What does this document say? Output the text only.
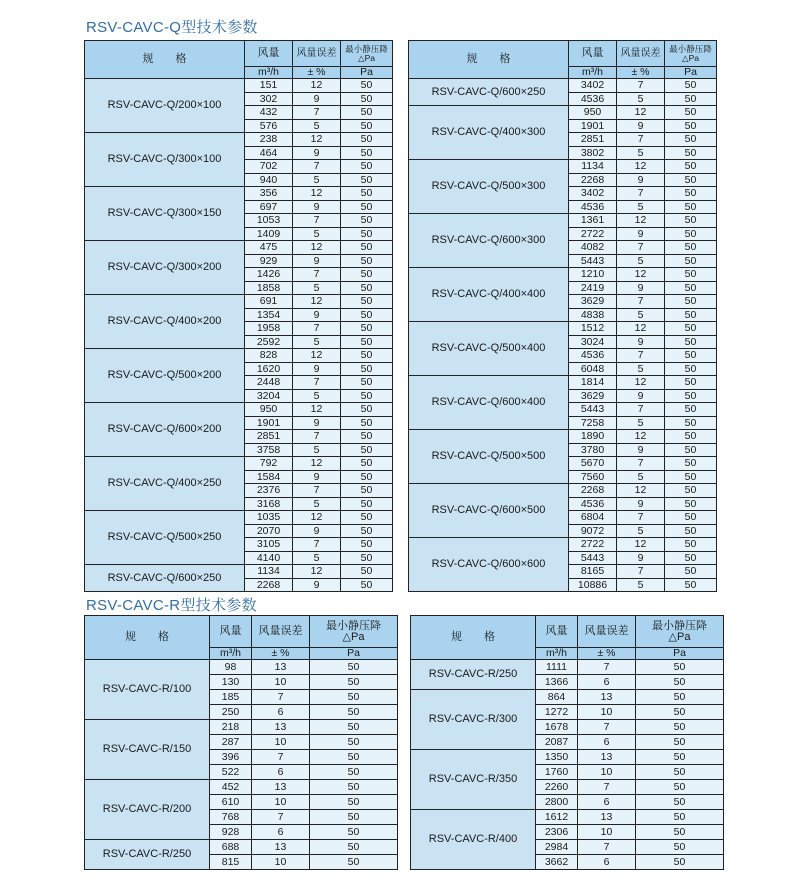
RSV-CAVC-Q型技术参数
规　　格	风量	风量误差	最小静压降
△Pa
	m³/h	± %	Pa
RSV-CAVC-Q/200×100	151	12	50
	302	9	50
	432	7	50
	576	5	50
RSV-CAVC-Q/300×100	238	12	50
	464	9	50
	702	7	50
	940	5	50
RSV-CAVC-Q/300×150	356	12	50
	697	9	50
	1053	7	50
	1409	5	50
RSV-CAVC-Q/300×200	475	12	50
	929	9	50
	1426	7	50
	1858	5	50
RSV-CAVC-Q/400×200	691	12	50
	1354	9	50
	1958	7	50
	2592	5	50
RSV-CAVC-Q/500×200	828	12	50
	1620	9	50
	2448	7	50
	3204	5	50
RSV-CAVC-Q/600×200	950	12	50
	1901	9	50
	2851	7	50
	3758	5	50
RSV-CAVC-Q/400×250	792	12	50
	1584	9	50
	2376	7	50
	3168	5	50
RSV-CAVC-Q/500×250	1035	12	50
	2070	9	50
	3105	7	50
	4140	5	50
RSV-CAVC-Q/600×250	1134	12	50
	2268	9	50
规　　格	风量	风量误差	最小静压降
△Pa
	m³/h	± %	Pa
RSV-CAVC-Q/600×250	3402	7	50
	4536	5	50
RSV-CAVC-Q/400×300	950	12	50
	1901	9	50
	2851	7	50
	3802	5	50
RSV-CAVC-Q/500×300	1134	12	50
	2268	9	50
	3402	7	50
	4536	5	50
RSV-CAVC-Q/600×300	1361	12	50
	2722	9	50
	4082	7	50
	5443	5	50
RSV-CAVC-Q/400×400	1210	12	50
	2419	9	50
	3629	7	50
	4838	5	50
RSV-CAVC-Q/500×400	1512	12	50
	3024	9	50
	4536	7	50
	6048	5	50
RSV-CAVC-Q/600×400	1814	12	50
	3629	9	50
	5443	7	50
	7258	5	50
RSV-CAVC-Q/500×500	1890	12	50
	3780	9	50
	5670	7	50
	7560	5	50
RSV-CAVC-Q/600×500	2268	12	50
	4536	9	50
	6804	7	50
	9072	5	50
RSV-CAVC-Q/600×600	2722	12	50
	5443	9	50
	8165	7	50
	10886	5	50
RSV-CAVC-R型技术参数
规　　格	风量	风量误差	最小静压降
△Pa
	m³/h	± %	Pa
RSV-CAVC-R/100	98	13	50
	130	10	50
	185	7	50
	250	6	50
RSV-CAVC-R/150	218	13	50
	287	10	50
	396	7	50
	522	6	50
RSV-CAVC-R/200	452	13	50
	610	10	50
	768	7	50
	928	6	50
RSV-CAVC-R/250	688	13	50
	815	10	50
规　　格	风量	风量误差	最小静压降
△Pa
	m³/h	± %	Pa
RSV-CAVC-R/250	1111	7	50
	1366	6	50
RSV-CAVC-R/300	864	13	50
	1272	10	50
	1678	7	50
	2087	6	50
RSV-CAVC-R/350	1350	13	50
	1760	10	50
	2260	7	50
	2800	6	50
RSV-CAVC-R/400	1612	13	50
	2306	10	50
	2984	7	50
	3662	6	50
